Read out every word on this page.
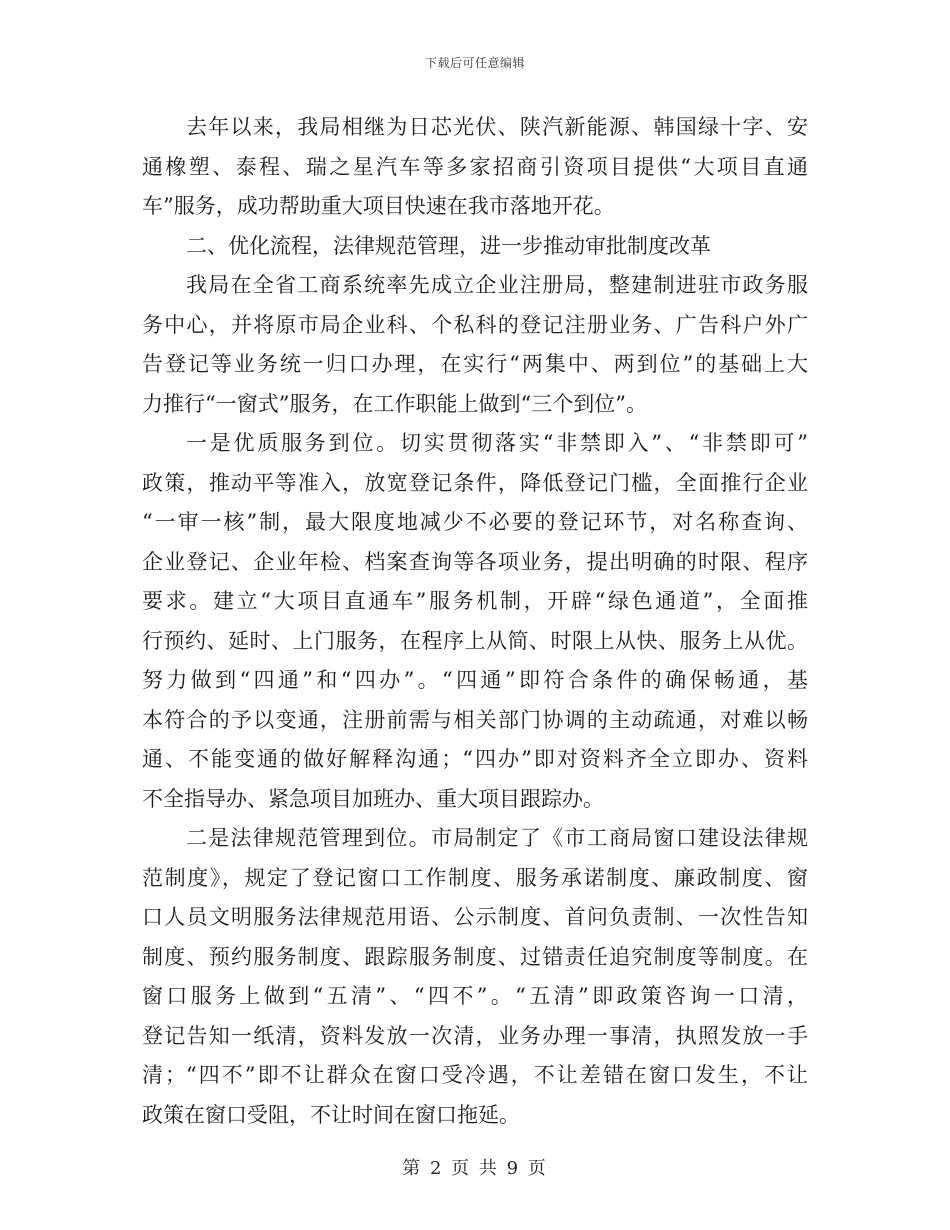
下载后可任意编辑
去年以来，我局相继为日芯光伏、陕汽新能源、韩国绿十字、安
通橡塑、泰程、瑞之星汽车等多家招商引资项目提供“大项目直通
车”服务，成功帮助重大项目快速在我市落地开花。
二、优化流程，法律规范管理，进一步推动审批制度改革
我局在全省工商系统率先成立企业注册局，整建制进驻市政务服
务中心，并将原市局企业科、个私科的登记注册业务、广告科户外广
告登记等业务统一归口办理，在实行“两集中、两到位”的基础上大
力推行“一窗式”服务，在工作职能上做到“三个到位”。
一是优质服务到位。切实贯彻落实“非禁即入”、“非禁即可”
政策，推动平等准入，放宽登记条件，降低登记门槛，全面推行企业
“一审一核”制，最大限度地减少不必要的登记环节，对名称查询、
企业登记、企业年检、档案查询等各项业务，提出明确的时限、程序
要求。建立“大项目直通车”服务机制，开辟“绿色通道”，全面推
行预约、延时、上门服务，在程序上从简、时限上从快、服务上从优。
努力做到“四通”和“四办”。“四通”即符合条件的确保畅通，基
本符合的予以变通，注册前需与相关部门协调的主动疏通，对难以畅
通、不能变通的做好解释沟通；“四办”即对资料齐全立即办、资料
不全指导办、紧急项目加班办、重大项目跟踪办。
二是法律规范管理到位。市局制定了《市工商局窗口建设法律规
范制度》，规定了登记窗口工作制度、服务承诺制度、廉政制度、窗
口人员文明服务法律规范用语、公示制度、首问负责制、一次性告知
制度、预约服务制度、跟踪服务制度、过错责任追究制度等制度。在
窗口服务上做到“五清”、“四不”。“五清”即政策咨询一口清，
登记告知一纸清，资料发放一次清，业务办理一事清，执照发放一手
清；“四不”即不让群众在窗口受冷遇，不让差错在窗口发生，不让
政策在窗口受阻，不让时间在窗口拖延。
第 2 页 共 9 页
